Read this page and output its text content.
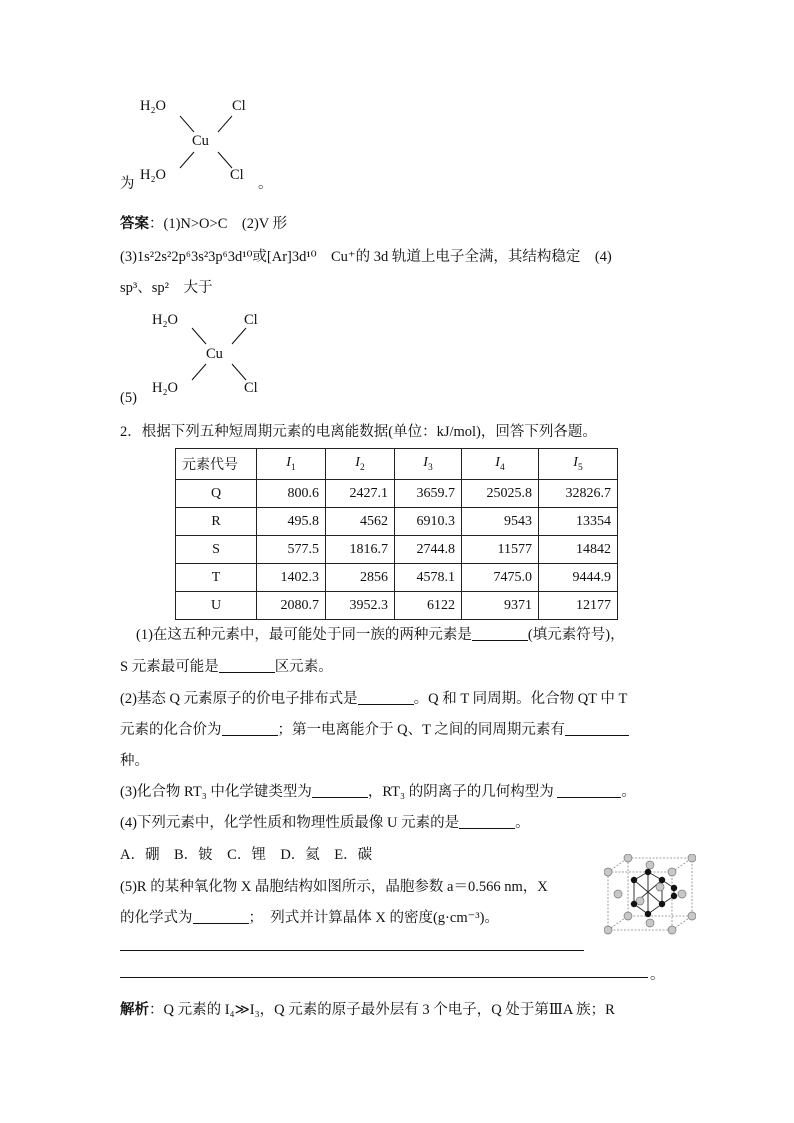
H₂O	Cl
Cu
为
H₂O	Cl
。
答案：(1)N>O>C　(2)V 形
(3)1s²2s²2p⁶3s²3p⁶3d¹⁰或[Ar]3d¹⁰　Cu⁺的 3d 轨道上电子全满，其结构稳定　(4)
sp³、sp²　大于
H₂O	Cl
Cu
H₂O	Cl
(5)
2．根据下列五种短周期元素的电离能数据(单位：kJ/mol)，回答下列各题。
元素代号	$I_1$	$I_2$	$I_3$	$I_4$	$I_5$
Q	800.6	2427.1	3659.7	25025.8	32826.7
R	495.8	4562	6910.3	9543	13354
S	577.5	1816.7	2744.8	11577	14842
T	1402.3	2856	4578.1	7475.0	9444.9
U	2080.7	3952.3	6122	9371	12177
(1)在这五种元素中，最可能处于同一族的两种元素是	(填元素符号)，
S 元素最可能是	区元素。
(2)基态 Q 元素原子的价电子排布式是	。Q 和 T 同周期。化合物 QT 中 T
元素的化合价为	；第一电离能介于 Q、T 之间的同周期元素有
种。
(3)化合物 RT₃ 中化学键类型为	，RT₃ 的阴离子的几何构型为	。
(4)下列元素中，化学性质和物理性质最像 U 元素的是	。
A．硼　B．铍　C．锂　D．氦　E．碳
(5)R 的某种氧化物 X 晶胞结构如图所示，晶胞参数 a＝0.566 nm，X
的化学式为	；　列式并计算晶体 X 的密度(g·cm⁻³)。
。
解析：Q 元素的 I₄≫I₃，Q 元素的原子最外层有 3 个电子，Q 处于第ⅢA 族；R
